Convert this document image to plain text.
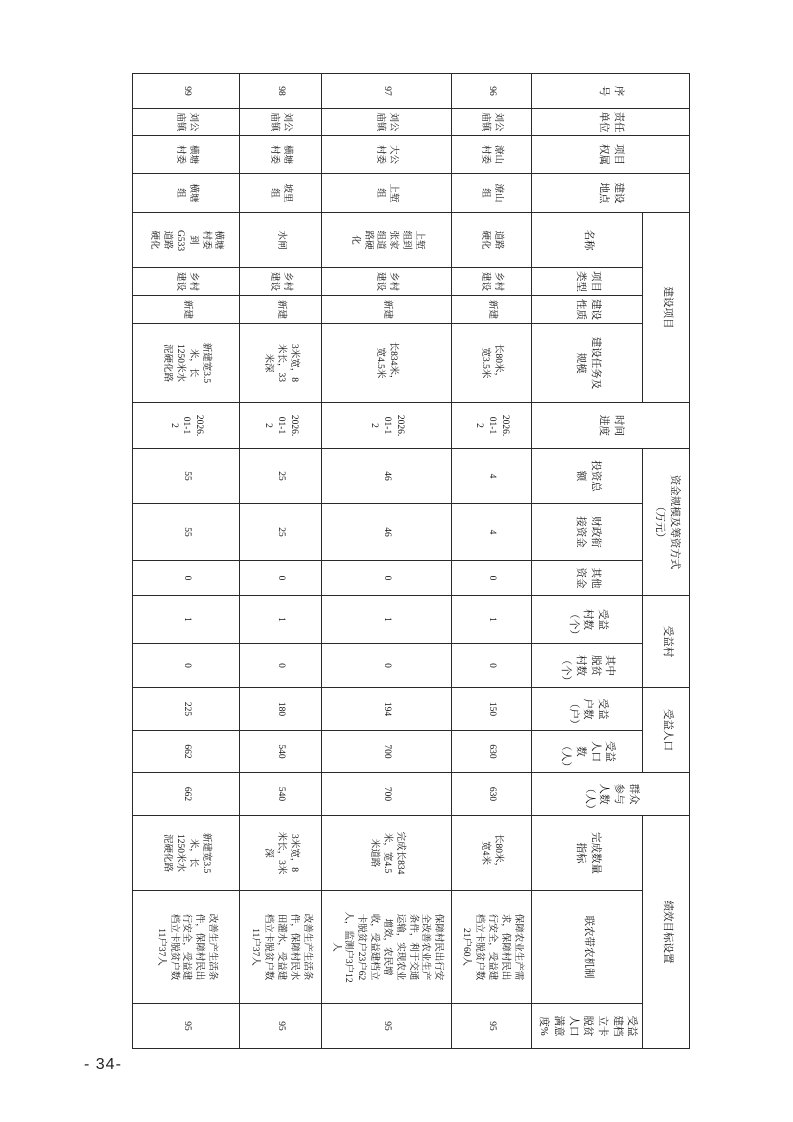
序号	责任单位	项目权属	建设地点	建设项目				时间进度	资金规模及筹资方式（万元）			受益村		受益人口		群众参与人数（人）	绩效目标设置		
				名称	项目类型	建设性质	建设任务及规模		投资总额	财政衔接资金	其他资金	受益村数（个）	其中脱贫村数（个）	受益户数（户）	受益人口数（人）		完成数量指标	联农带农机制	受益建档立卡脱贫人口满意度%
96	刘公庙镇	潦山村委	潦山组	道路硬化	乡村建设	新建	长80米，宽3.5米	2026.01-12	4	4	0	1	0	150	630	630	长80米，宽4米	保障农业生产需求，保障村民出行安全，受益建档立卡脱贫户数21户60人	95
97	刘公庙镇	大公村委	上堑组	上堑组到张家组道路硬化	乡村建设	新建	长834米，宽4.5米	2026.01-12	46	46	0	1	0	194	700	700	完成长834米，宽4.5米道路	保障村民出行安全改善农业生产条件，利于交通运输，实现农业增效，农民增收，受益建档立卡脱贫户23户62人，监测户3户12人	95
98	刘公庙镇	横塘村委	坡里组	水闸	乡村建设	新建	3米宽，8米长，33米深	2026.01-12	25	25	0	1	0	180	540	540	3米宽，8米长，3米深	改善生产生活条件，保障村民水田灌水，受益建档立卡脱贫户数11户37人	95
99	刘公庙镇	横塘村委	横塘组	横塘村委到G533道路硬化	乡村建设	新建	新建宽3.5米，长1250米水泥硬化路	2026.01-12	55	55	0	1	0	225	662	662	新建宽3.5米，长1250米水泥硬化路	改善生产生活条件，保障村民出行安全，受益建档立卡脱贫户数11户37人	95
- 34-
